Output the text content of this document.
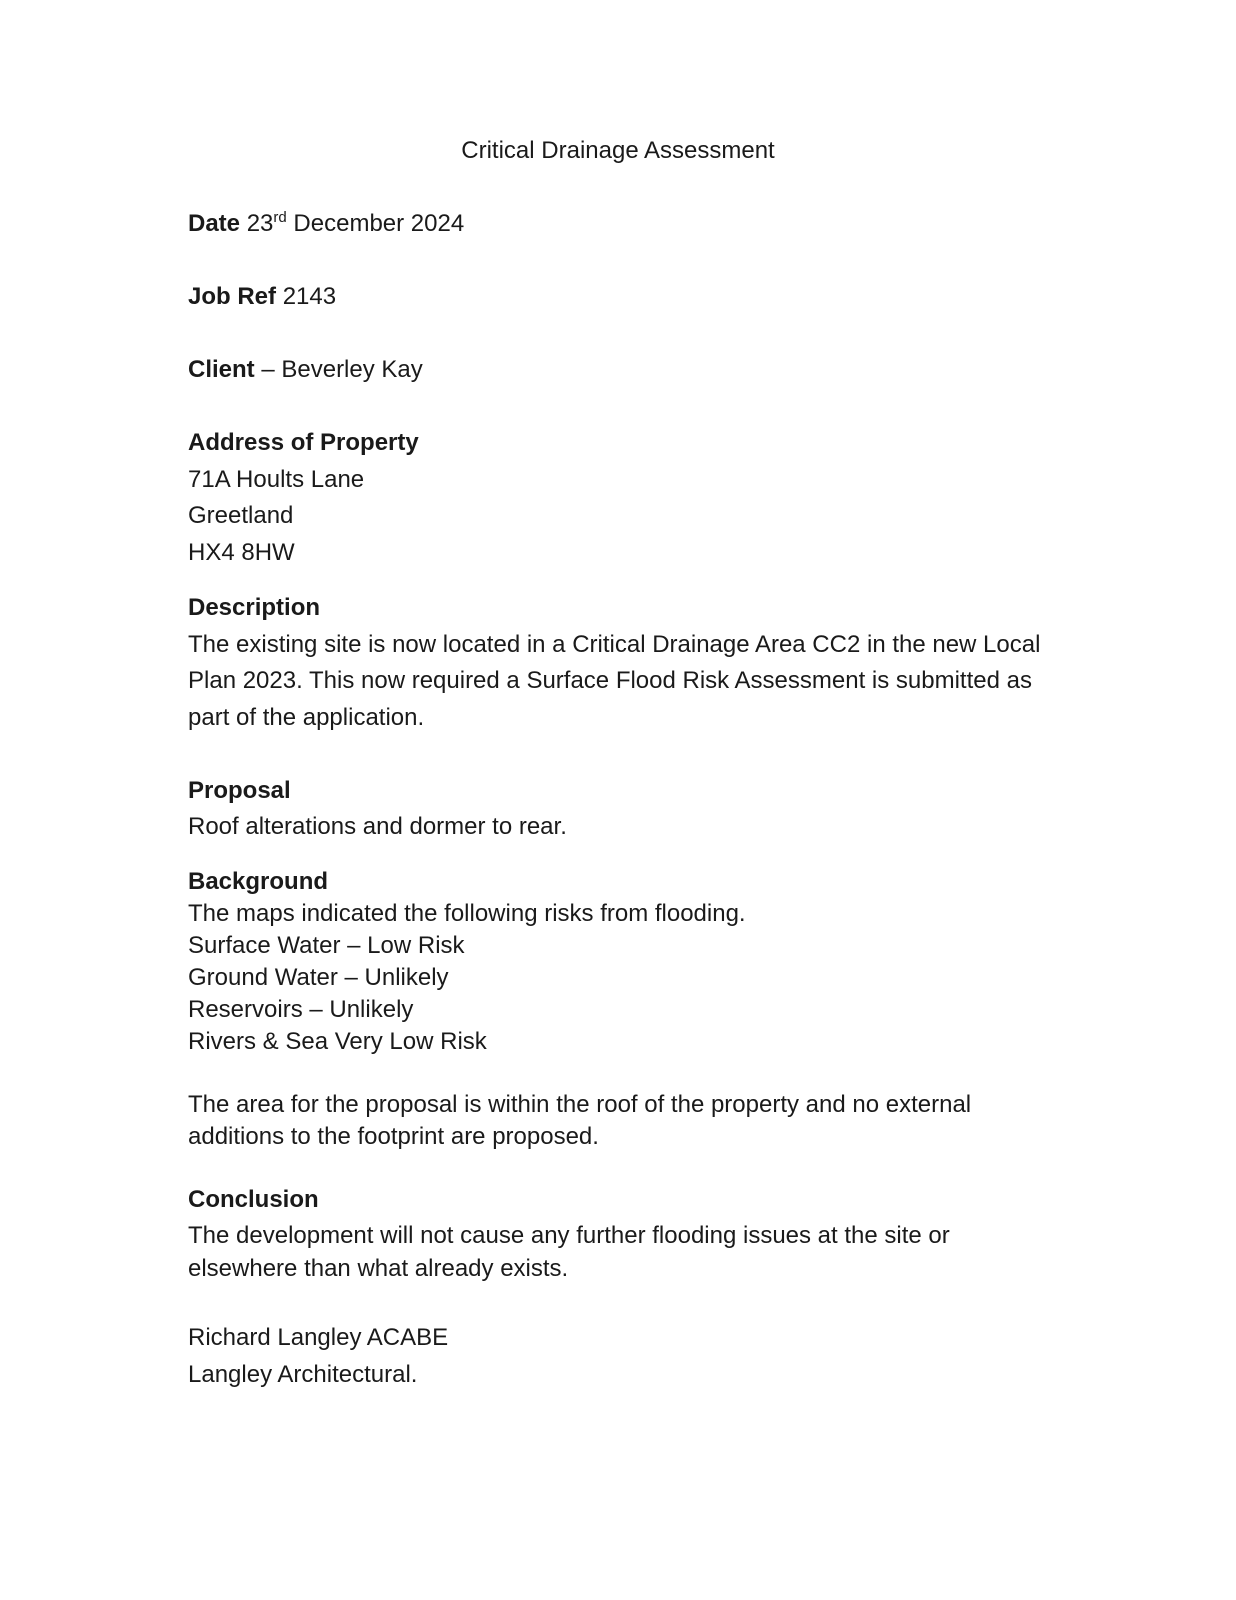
Critical Drainage Assessment
Date 23rd December 2024
Job Ref 2143
Client – Beverley Kay
Address of Property
71A Hoults Lane
Greetland
HX4 8HW
Description
The existing site is now located in a Critical Drainage Area CC2 in the new Local
Plan 2023. This now required a Surface Flood Risk Assessment is submitted as
part of the application.
Proposal
Roof alterations and dormer to rear.
Background
The maps indicated the following risks from flooding.
Surface Water – Low Risk
Ground Water – Unlikely
Reservoirs – Unlikely
Rivers & Sea Very Low Risk
The area for the proposal is within the roof of the property and no external
additions to the footprint are proposed.
Conclusion
The development will not cause any further flooding issues at the site or
elsewhere than what already exists.
Richard Langley ACABE
Langley Architectural.
